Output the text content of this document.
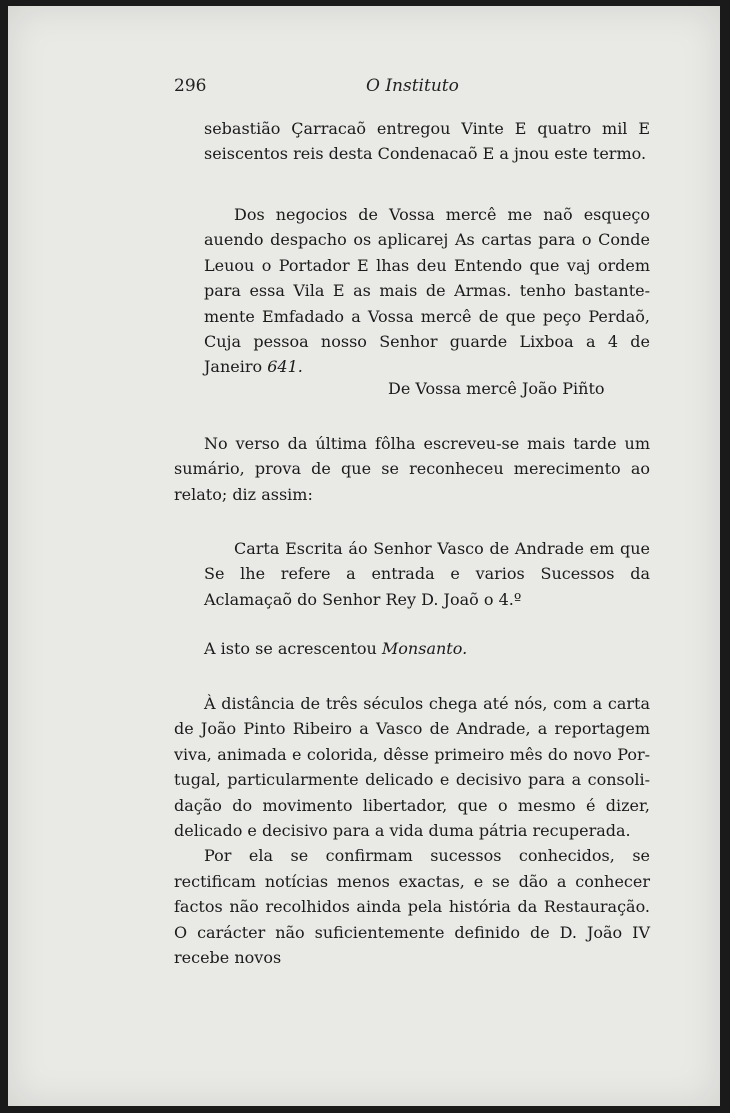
296	O Instituto

sebastião Çarracaõ entregou Vinte E quatro mil E seiscentos reis desta Condenacaõ E a jnou este termo.

Dos negocios de Vossa mercê me naõ esqueço auendo despacho os aplicarej As cartas para o Conde Leuou o Portador E lhas deu Entendo que vaj ordem para essa Vila E as mais de Armas. tenho bastantemente Emfadado a Vossa mercê de que peço Perdaõ, Cuja pessoa nosso Senhor guarde Lixboa a 4 de Janeiro 641.

De Vossa mercê João Piñto

No verso da última fôlha escreveu-se mais tarde um sumário, prova de que se reconheceu merecimento ao relato; diz assim:

Carta Escrita áo Senhor Vasco de Andrade em que Se lhe refere a entrada e varios Sucessos da Aclamaçaõ do Senhor Rey D. Joaõ o 4.º

A isto se acrescentou Monsanto.

À distância de três séculos chega até nós, com a carta de João Pinto Ribeiro a Vasco de Andrade, a reportagem viva, animada e colorida, dêsse primeiro mês do novo Portugal, particularmente delicado e decisivo para a consolidação do movimento libertador, que o mesmo é dizer, delicado e decisivo para a vida duma pátria recuperada.

Por ela se confirmam sucessos conhecidos, se rectificam notícias menos exactas, e se dão a conhecer factos não recolhidos ainda pela história da Restauração. O carácter não suficientemente definido de D. João IV recebe novos
